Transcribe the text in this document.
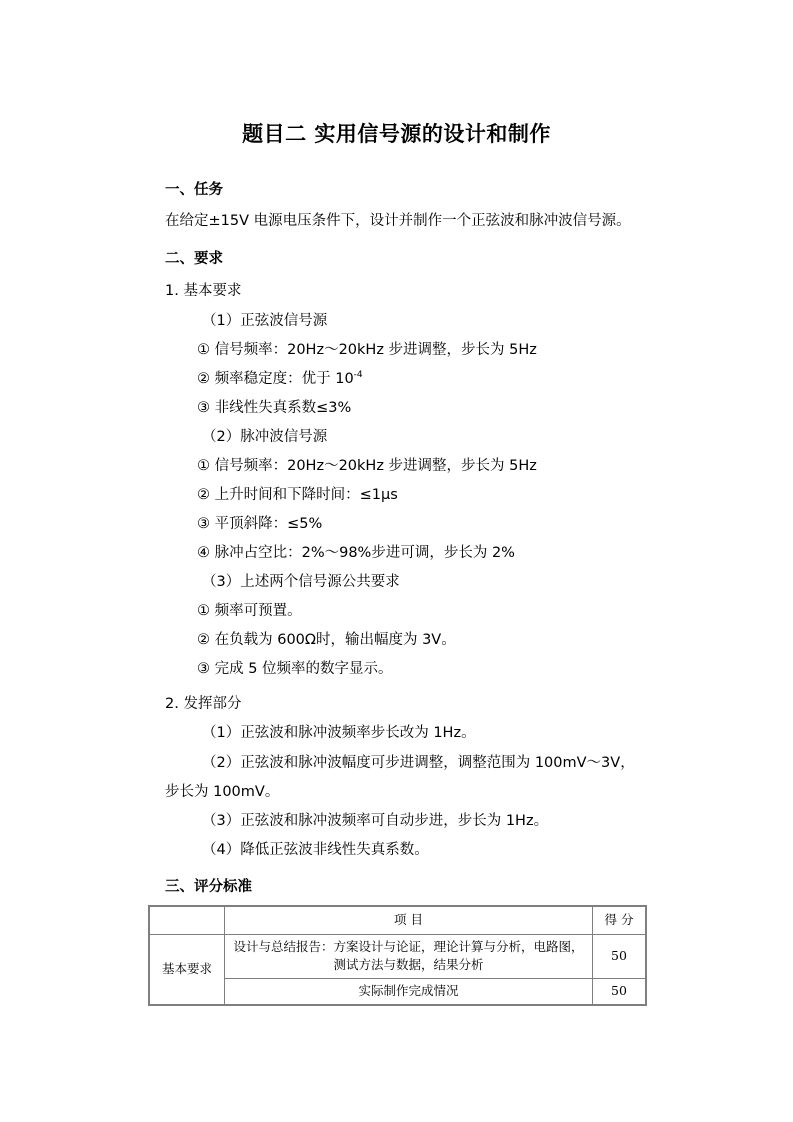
题目二 实用信号源的设计和制作
一、任务
在给定±15V 电源电压条件下，设计并制作一个正弦波和脉冲波信号源。
二、要求
1. 基本要求
（1）正弦波信号源
① 信号频率：20Hz～20kHz 步进调整，步长为 5Hz
② 频率稳定度：优于 $10^{-4}$
③ 非线性失真系数≤3%
（2）脉冲波信号源
① 信号频率：20Hz～20kHz 步进调整，步长为 5Hz
② 上升时间和下降时间：≤1μs
③ 平顶斜降：≤5%
④ 脉冲占空比：2%～98%步进可调，步长为 2%
（3）上述两个信号源公共要求
① 频率可预置。
② 在负载为 600Ω时，输出幅度为 3V。
③ 完成 5 位频率的数字显示。
2. 发挥部分
（1）正弦波和脉冲波频率步长改为 1Hz。
（2）正弦波和脉冲波幅度可步进调整，调整范围为 100mV～3V，
步长为 100mV。
（3）正弦波和脉冲波频率可自动步进，步长为 1Hz。
（4）降低正弦波非线性失真系数。
三、评分标准
	项 目	得 分
基本要求	设计与总结报告：方案设计与论证，理论计算与分析，电路图，
测试方法与数据，结果分析	50
	实际制作完成情况	50
